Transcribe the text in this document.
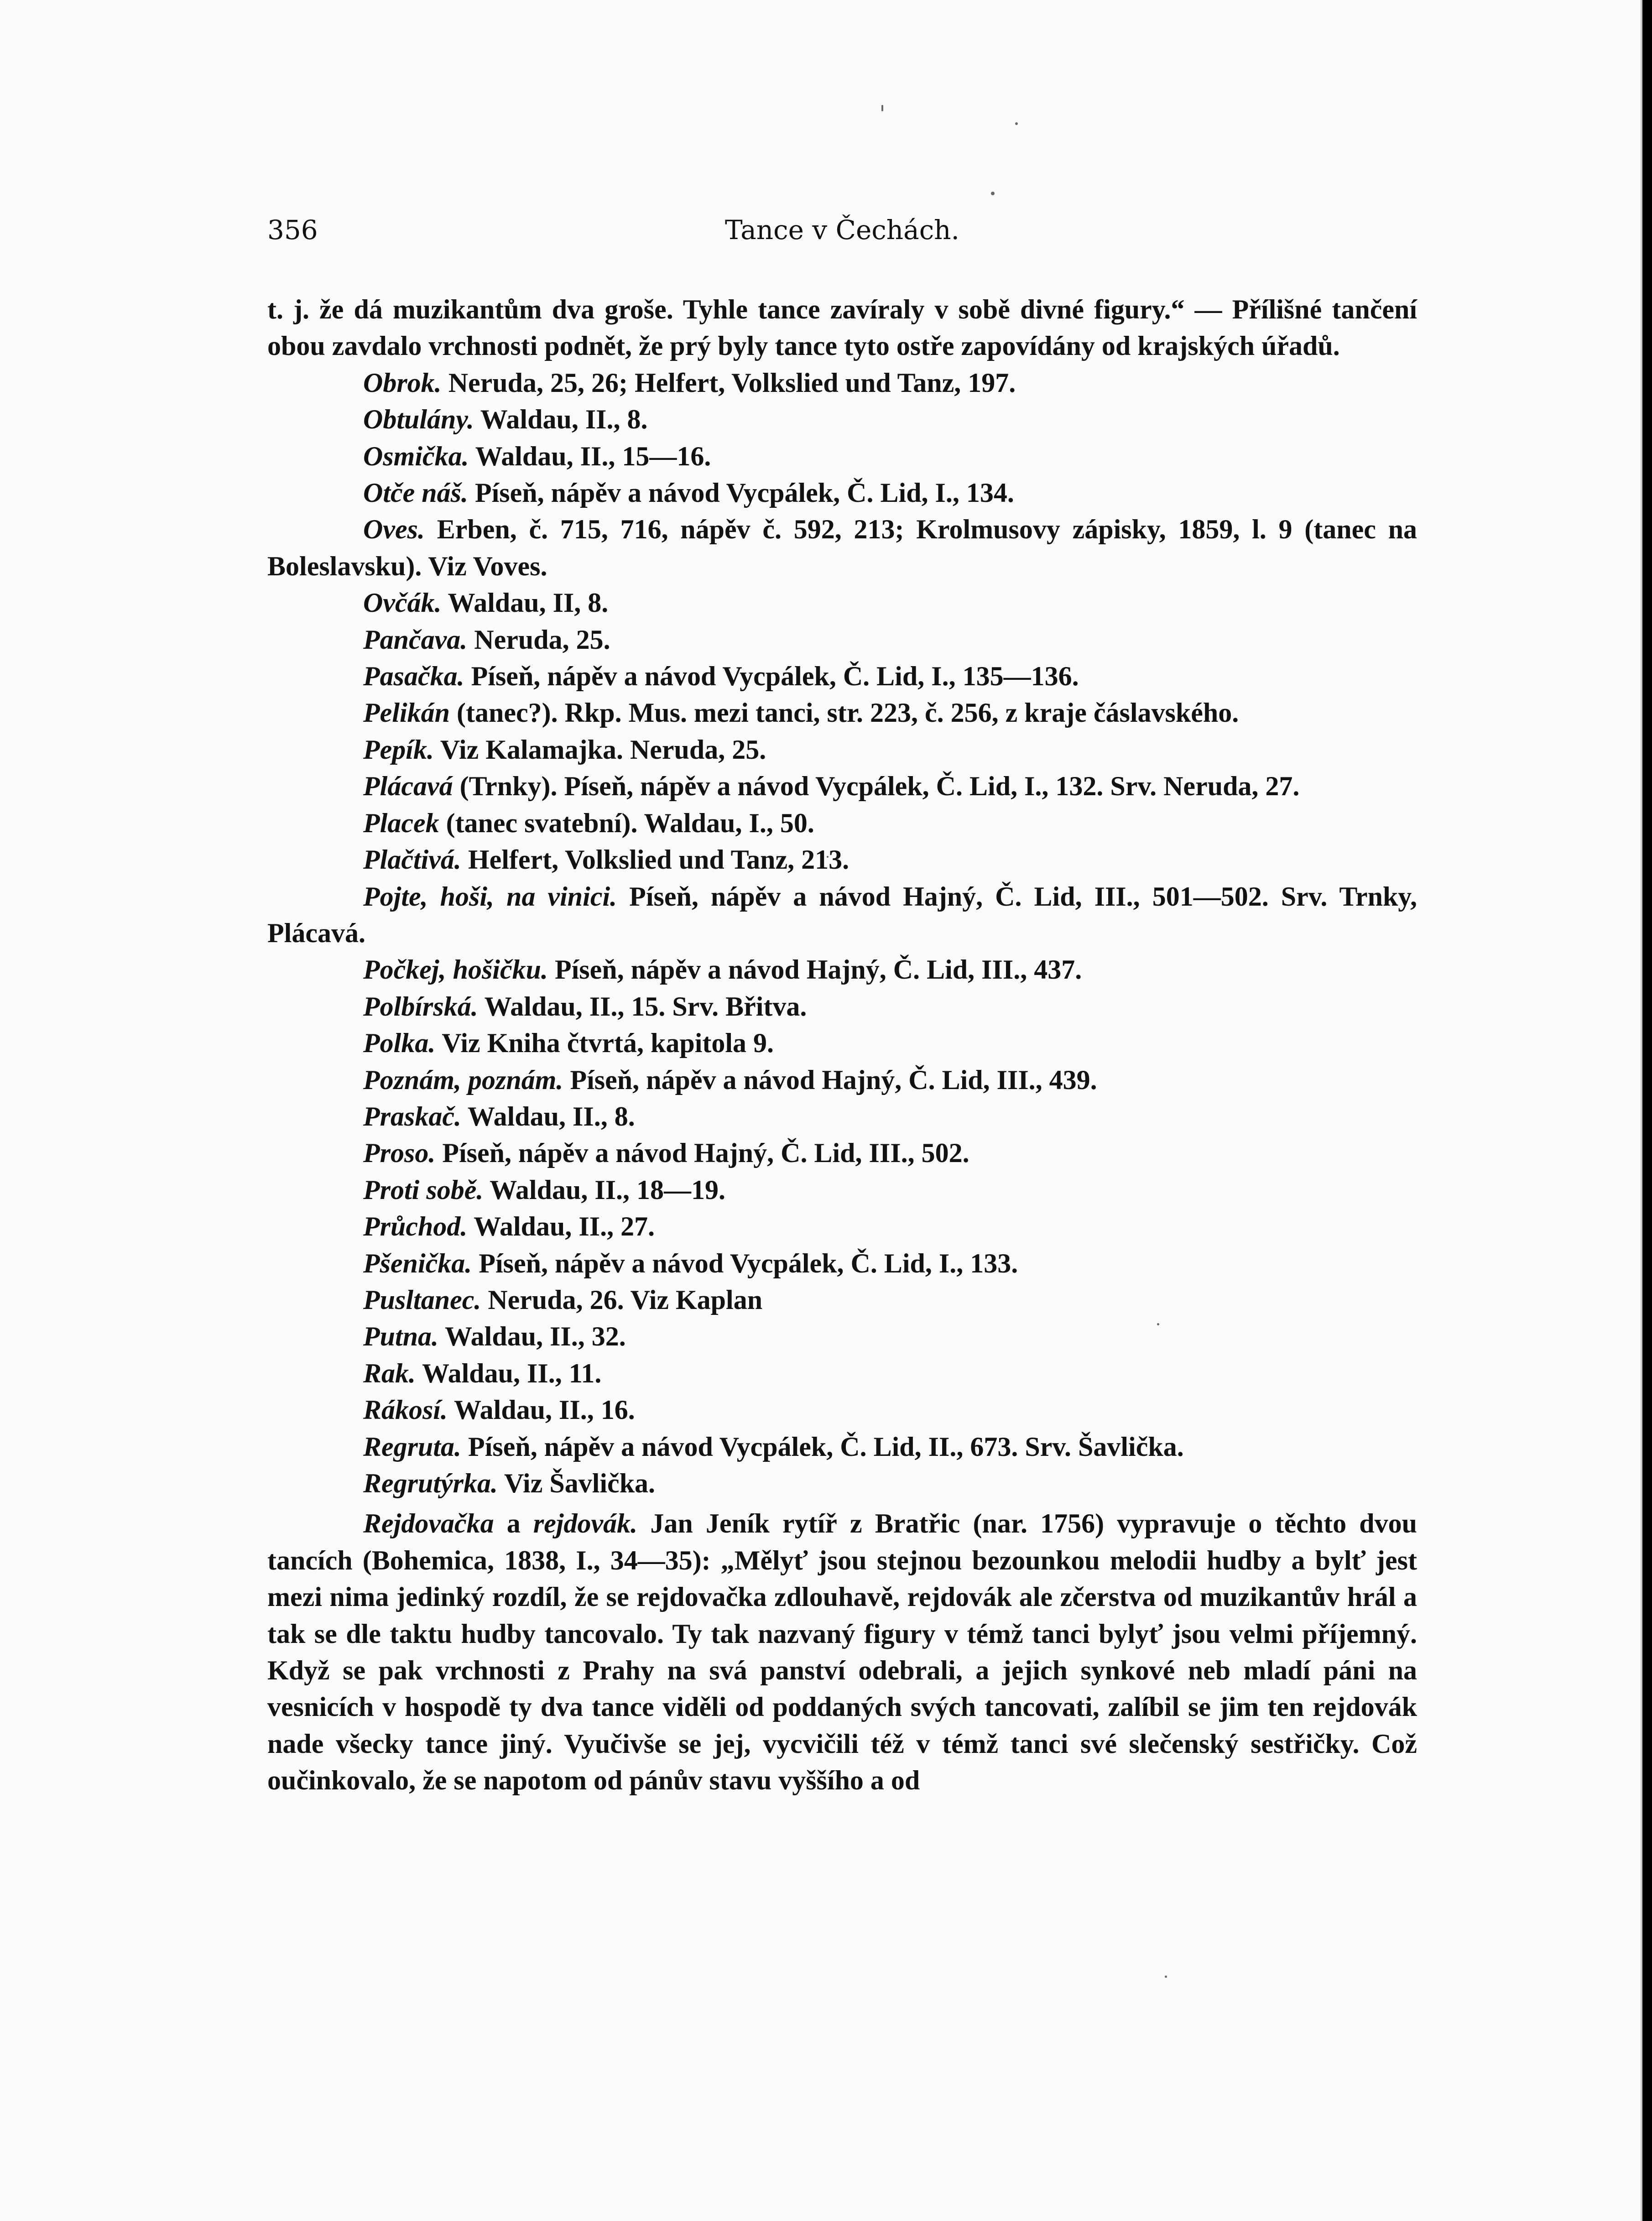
356	Tance v Čechách.

t. j. že dá muzikantům dva groše. Tyhle tance zavíraly v sobě divné figury.“ — Přílišné tančení obou zavdalo vrchnosti podnět, že prý byly tance tyto ostře zapovídány od krajských úřadů.

Obrok. Neruda, 25, 26; Helfert, Volkslied und Tanz, 197.

Obtulány. Waldau, II., 8.

Osmička. Waldau, II., 15—16.

Otče náš. Píseň, nápěv a návod Vycpálek, Č. Lid, I., 134.

Oves. Erben, č. 715, 716, nápěv č. 592, 213; Krolmusovy zápisky, 1859, l. 9 (tanec na Boleslavsku). Viz Voves.

Ovčák. Waldau, II, 8.

Pančava. Neruda, 25.

Pasačka. Píseň, nápěv a návod Vycpálek, Č. Lid, I., 135—136.

Pelikán (tanec?). Rkp. Mus. mezi tanci, str. 223, č. 256, z kraje čáslavského.

Pepík. Viz Kalamajka. Neruda, 25.

Plácavá (Trnky). Píseň, nápěv a návod Vycpálek, Č. Lid, I., 132. Srv. Neruda, 27.

Placek (tanec svatební). Waldau, I., 50.

Plačtivá. Helfert, Volkslied und Tanz, 213.

Pojte, hoši, na vinici. Píseň, nápěv a návod Hajný, Č. Lid, III., 501—502. Srv. Trnky, Plácavá.

Počkej, hošičku. Píseň, nápěv a návod Hajný, Č. Lid, III., 437.

Polbírská. Waldau, II., 15. Srv. Břitva.

Polka. Viz Kniha čtvrtá, kapitola 9.

Poznám, poznám. Píseň, nápěv a návod Hajný, Č. Lid, III., 439.

Praskač. Waldau, II., 8.

Proso. Píseň, nápěv a návod Hajný, Č. Lid, III., 502.

Proti sobě. Waldau, II., 18—19.

Průchod. Waldau, II., 27.

Pšenička. Píseň, nápěv a návod Vycpálek, Č. Lid, I., 133.

Pusltanec. Neruda, 26. Viz Kaplan

Putna. Waldau, II., 32.

Rak. Waldau, II., 11.

Rákosí. Waldau, II., 16.

Regruta. Píseň, nápěv a návod Vycpálek, Č. Lid, II., 673. Srv. Šavlička.

Regrutýrka. Viz Šavlička.

Rejdovačka a rejdovák. Jan Jeník rytíř z Bratřic (nar. 1756) vypravuje o těchto dvou tancích (Bohemica, 1838, I., 34—35): „Mělyť jsou stejnou bezounkou melodii hudby a bylť jest mezi nima jedinký rozdíl, že se rejdovačka zdlouhavě, rejdovák ale zčerstva od muzikantův hrál a tak se dle taktu hudby tancovalo. Ty tak nazvaný figury v témž tanci bylyť jsou velmi příjemný. Když se pak vrchnosti z Prahy na svá panství odebrali, a jejich synkové neb mladí páni na vesnicích v hospodě ty dva tance viděli od poddaných svých tancovati, zalíbil se jim ten rejdovák nade všecky tance jiný. Vyučivše se jej, vycvičili též v témž tanci své slečenský sestřičky. Což oučinkovalo, že se napotom od pánův stavu vyššího a od
